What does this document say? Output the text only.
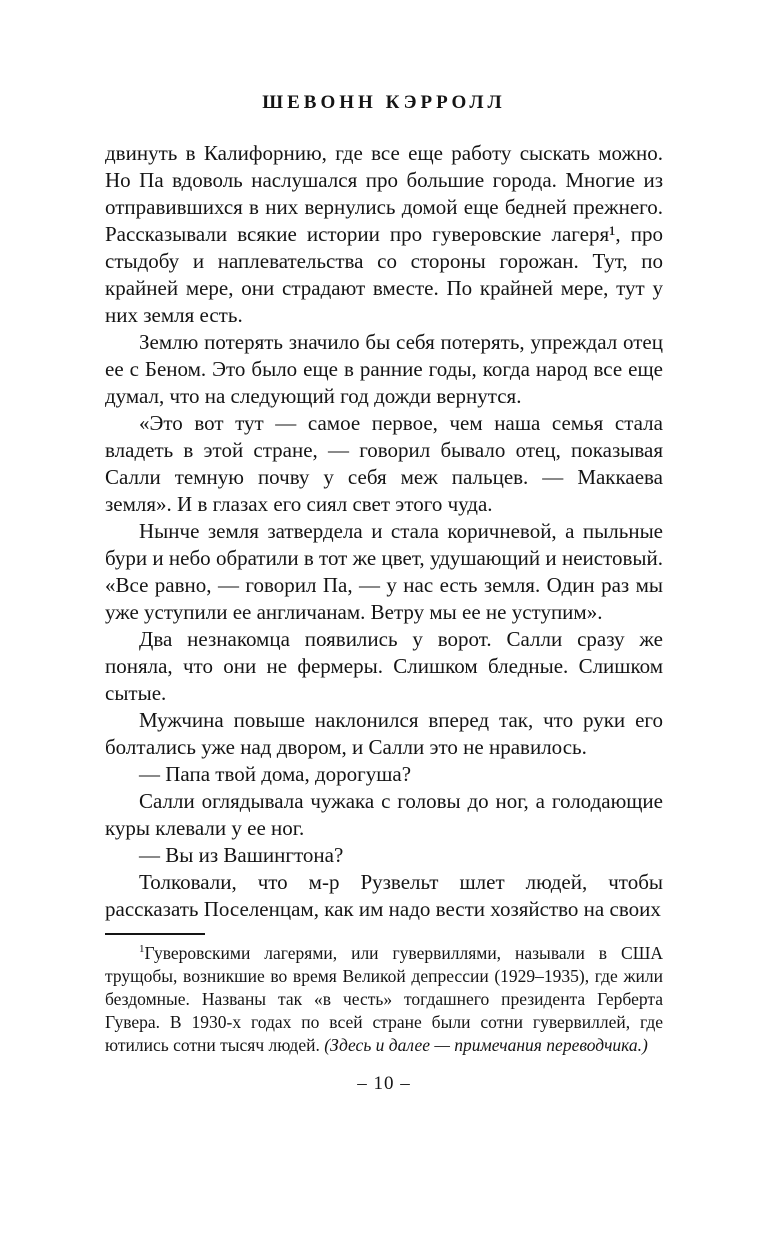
ШЕВОНН КЭРРОЛЛ

двинуть в Калифорнию, где все еще работу сыскать можно. Но Па вдоволь наслушался про большие города. Многие из отправившихся в них вернулись домой еще бедней прежнего. Рассказывали всякие истории про гуверовские лагеря¹, про стыдобу и наплевательства со стороны горожан. Тут, по крайней мере, они страдают вместе. По крайней мере, тут у них земля есть.

Землю потерять значило бы себя потерять, упреждал отец ее с Беном. Это было еще в ранние годы, когда народ все еще думал, что на следующий год дожди вернутся.

«Это вот тут — самое первое, чем наша семья стала владеть в этой стране, — говорил бывало отец, показывая Салли темную почву у себя меж пальцев. — Маккаева земля». И в глазах его сиял свет этого чуда.

Нынче земля затвердела и стала коричневой, а пыльные бури и небо обратили в тот же цвет, удушающий и неистовый. «Все равно, — говорил Па, — у нас есть земля. Один раз мы уже уступили ее англичанам. Ветру мы ее не уступим».

Два незнакомца появились у ворот. Салли сразу же поняла, что они не фермеры. Слишком бледные. Слишком сытые.

Мужчина повыше наклонился вперед так, что руки его болтались уже над двором, и Салли это не нравилось.

— Папа твой дома, дорогуша?

Салли оглядывала чужака с головы до ног, а голодающие куры клевали у ее ног.

— Вы из Вашингтона?

Толковали, что м-р Рузвельт шлет людей, чтобы рассказать Поселенцам, как им надо вести хозяйство на своих

$^1$Гуверовскими лагерями, или гувервиллями, называли в США трущобы, возникшие во время Великой депрессии (1929–1935), где жили бездомные. Названы так «в честь» тогдашнего президента Герберта Гувера. В 1930-х годах по всей стране были сотни гувервиллей, где ютились сотни тысяч людей. (Здесь и далее — примечания переводчика.)
– 10 –
